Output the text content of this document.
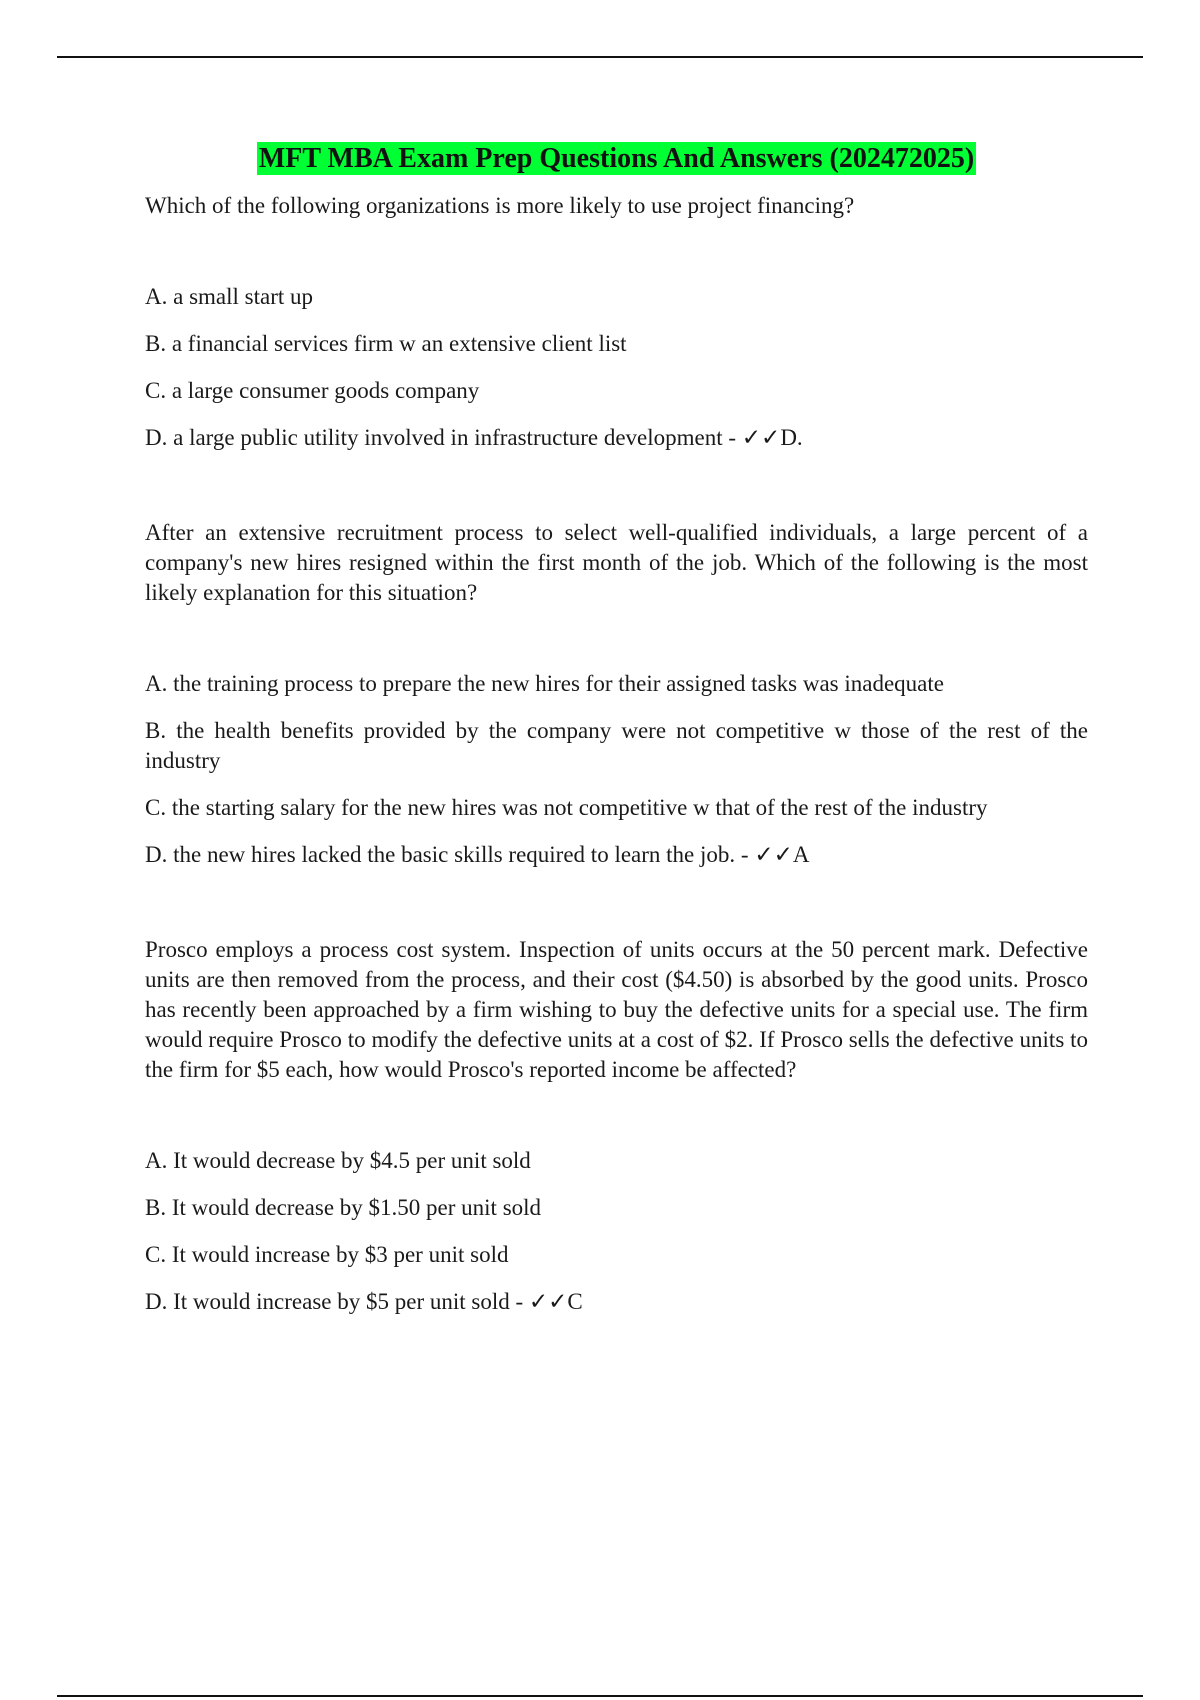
MFT MBA Exam Prep Questions And Answers (202472025)

Which of the following organizations is more likely to use project financing?

A. a small start up
B. a financial services firm w an extensive client list
C. a large consumer goods company
D. a large public utility involved in infrastructure development - ✓✓D.

After an extensive recruitment process to select well-qualified individuals, a large percent of a company's new hires resigned within the first month of the job. Which of the following is the most likely explanation for this situation?

A. the training process to prepare the new hires for their assigned tasks was inadequate
B. the health benefits provided by the company were not competitive w those of the rest of the industry
C. the starting salary for the new hires was not competitive w that of the rest of the industry
D. the new hires lacked the basic skills required to learn the job. - ✓✓A

Prosco employs a process cost system. Inspection of units occurs at the 50 percent mark. Defective units are then removed from the process, and their cost ($4.50) is absorbed by the good units. Prosco has recently been approached by a firm wishing to buy the defective units for a special use. The firm would require Prosco to modify the defective units at a cost of $2. If Prosco sells the defective units to the firm for $5 each, how would Prosco's reported income be affected?

A. It would decrease by $4.5 per unit sold
B. It would decrease by $1.50 per unit sold
C. It would increase by $3 per unit sold
D. It would increase by $5 per unit sold - ✓✓C
